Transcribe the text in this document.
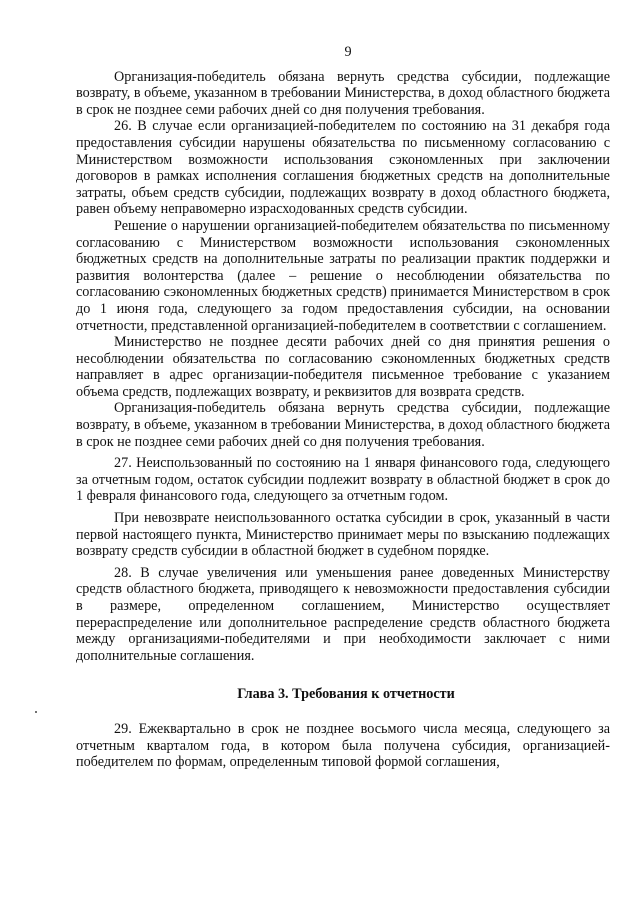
9

Организация-победитель обязана вернуть средства субсидии, подлежащие возврату, в объеме, указанном в требовании Министерства, в доход областного бюджета в срок не позднее семи рабочих дней со дня получения требования.

26. В случае если организацией-победителем по состоянию на 31 декабря года предоставления субсидии нарушены обязательства по письменному согласованию с Министерством возможности использования сэкономленных при заключении договоров в рамках исполнения соглашения бюджетных средств на дополнительные затраты, объем средств субсидии, подлежащих возврату в доход областного бюджета, равен объему неправомерно израсходованных средств субсидии.

Решение о нарушении организацией-победителем обязательства по письменному согласованию с Министерством возможности использования сэкономленных бюджетных средств на дополнительные затраты по реализации практик поддержки и развития волонтерства (далее – решение о несоблюдении обязательства по согласованию сэкономленных бюджетных средств) принимается Министерством в срок до 1 июня года, следующего за годом предоставления субсидии, на основании отчетности, представленной организацией-победителем в соответствии с соглашением.

Министерство не позднее десяти рабочих дней со дня принятия решения о несоблюдении обязательства по согласованию сэкономленных бюджетных средств направляет в адрес организации-победителя письменное требование с указанием объема средств, подлежащих возврату, и реквизитов для возврата средств.

Организация-победитель обязана вернуть средства субсидии, подлежащие возврату, в объеме, указанном в требовании Министерства, в доход областного бюджета в срок не позднее семи рабочих дней со дня получения требования.

27. Неиспользованный по состоянию на 1 января финансового года, следующего за отчетным годом, остаток субсидии подлежит возврату в областной бюджет в срок до 1 февраля финансового года, следующего за отчетным годом.

При невозврате неиспользованного остатка субсидии в срок, указанный в части первой настоящего пункта, Министерство принимает меры по взысканию подлежащих возврату средств субсидии в областной бюджет в судебном порядке.

28. В случае увеличения или уменьшения ранее доведенных Министерству средств областного бюджета, приводящего к невозможности предоставления субсидии в размере, определенном соглашением, Министерство осуществляет перераспределение или дополнительное распределение средств областного бюджета между организациями-победителями и при необходимости заключает с ними дополнительные соглашения.

Глава 3. Требования к отчетности

29. Ежеквартально в срок не позднее восьмого числа месяца, следующего за отчетным кварталом года, в котором была получена субсидия, организацией-победителем по формам, определенным типовой формой соглашения,
